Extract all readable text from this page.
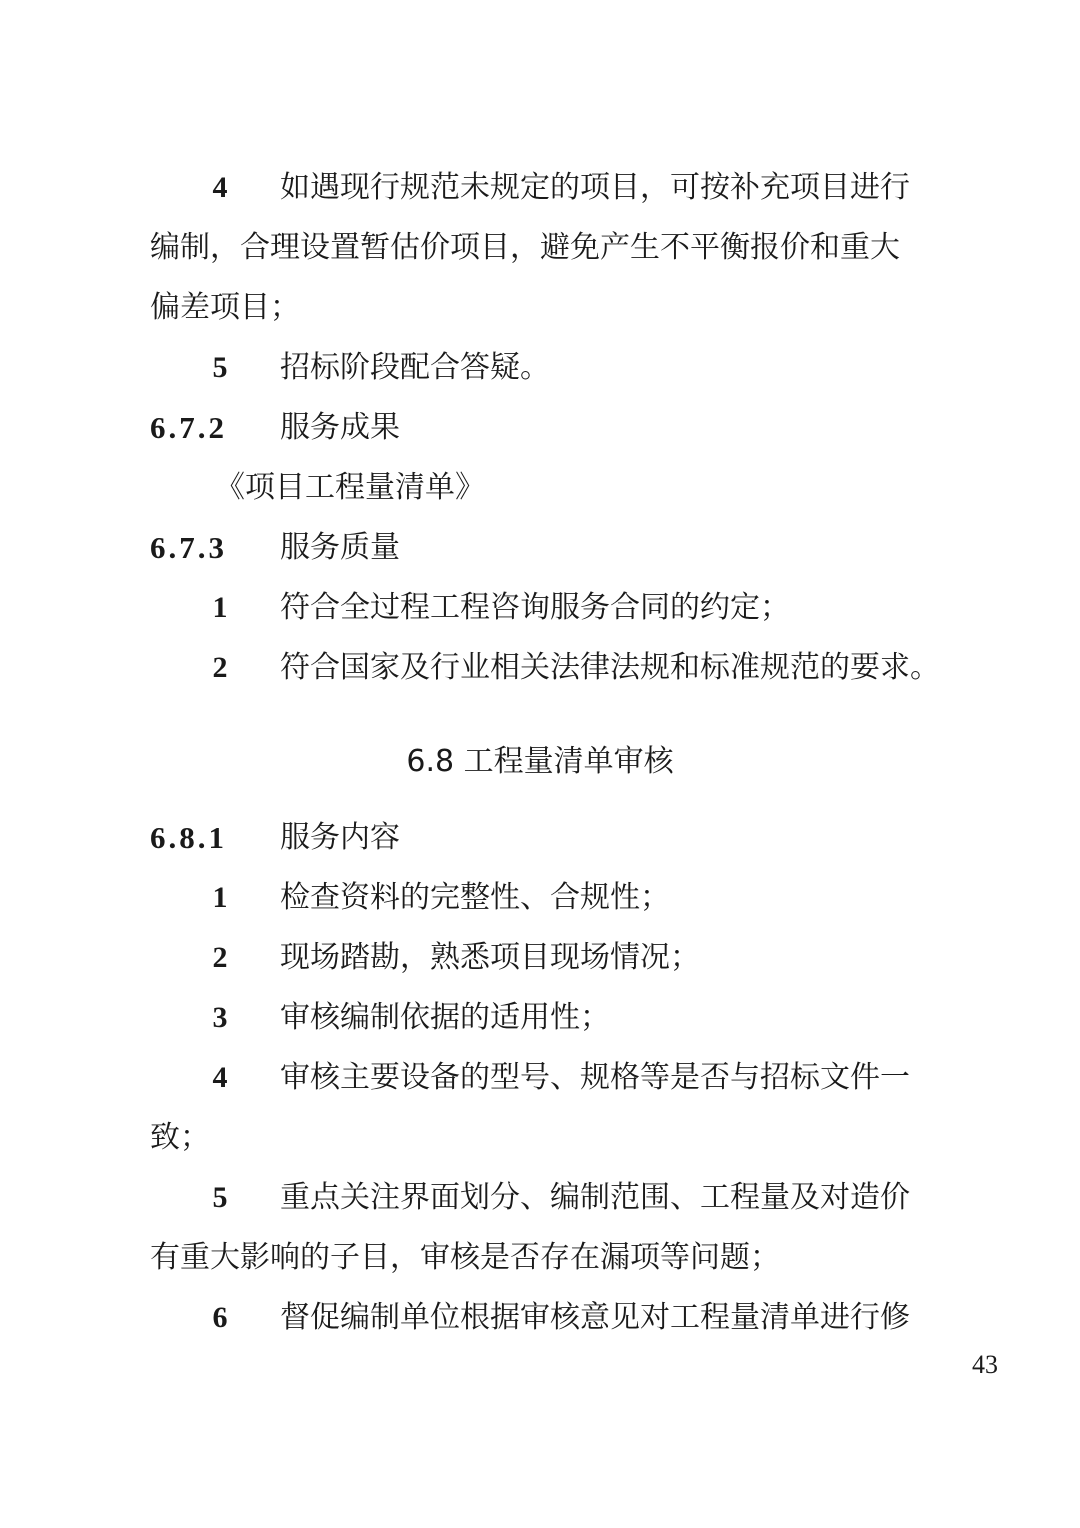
4 如遇现行规范未规定的项目，可按补充项目进行
编制，合理设置暂估价项目，避免产生不平衡报价和重大
偏差项目；
5 招标阶段配合答疑。
6.7.2 服务成果
《项目工程量清单》
6.7.3 服务质量
1 符合全过程工程咨询服务合同的约定；
2 符合国家及行业相关法律法规和标准规范的要求。
6.8 工程量清单审核
6.8.1 服务内容
1 检查资料的完整性、合规性；
2 现场踏勘，熟悉项目现场情况；
3 审核编制依据的适用性；
4 审核主要设备的型号、规格等是否与招标文件一
致；
5 重点关注界面划分、编制范围、工程量及对造价
有重大影响的子目，审核是否存在漏项等问题；
6 督促编制单位根据审核意见对工程量清单进行修
43
